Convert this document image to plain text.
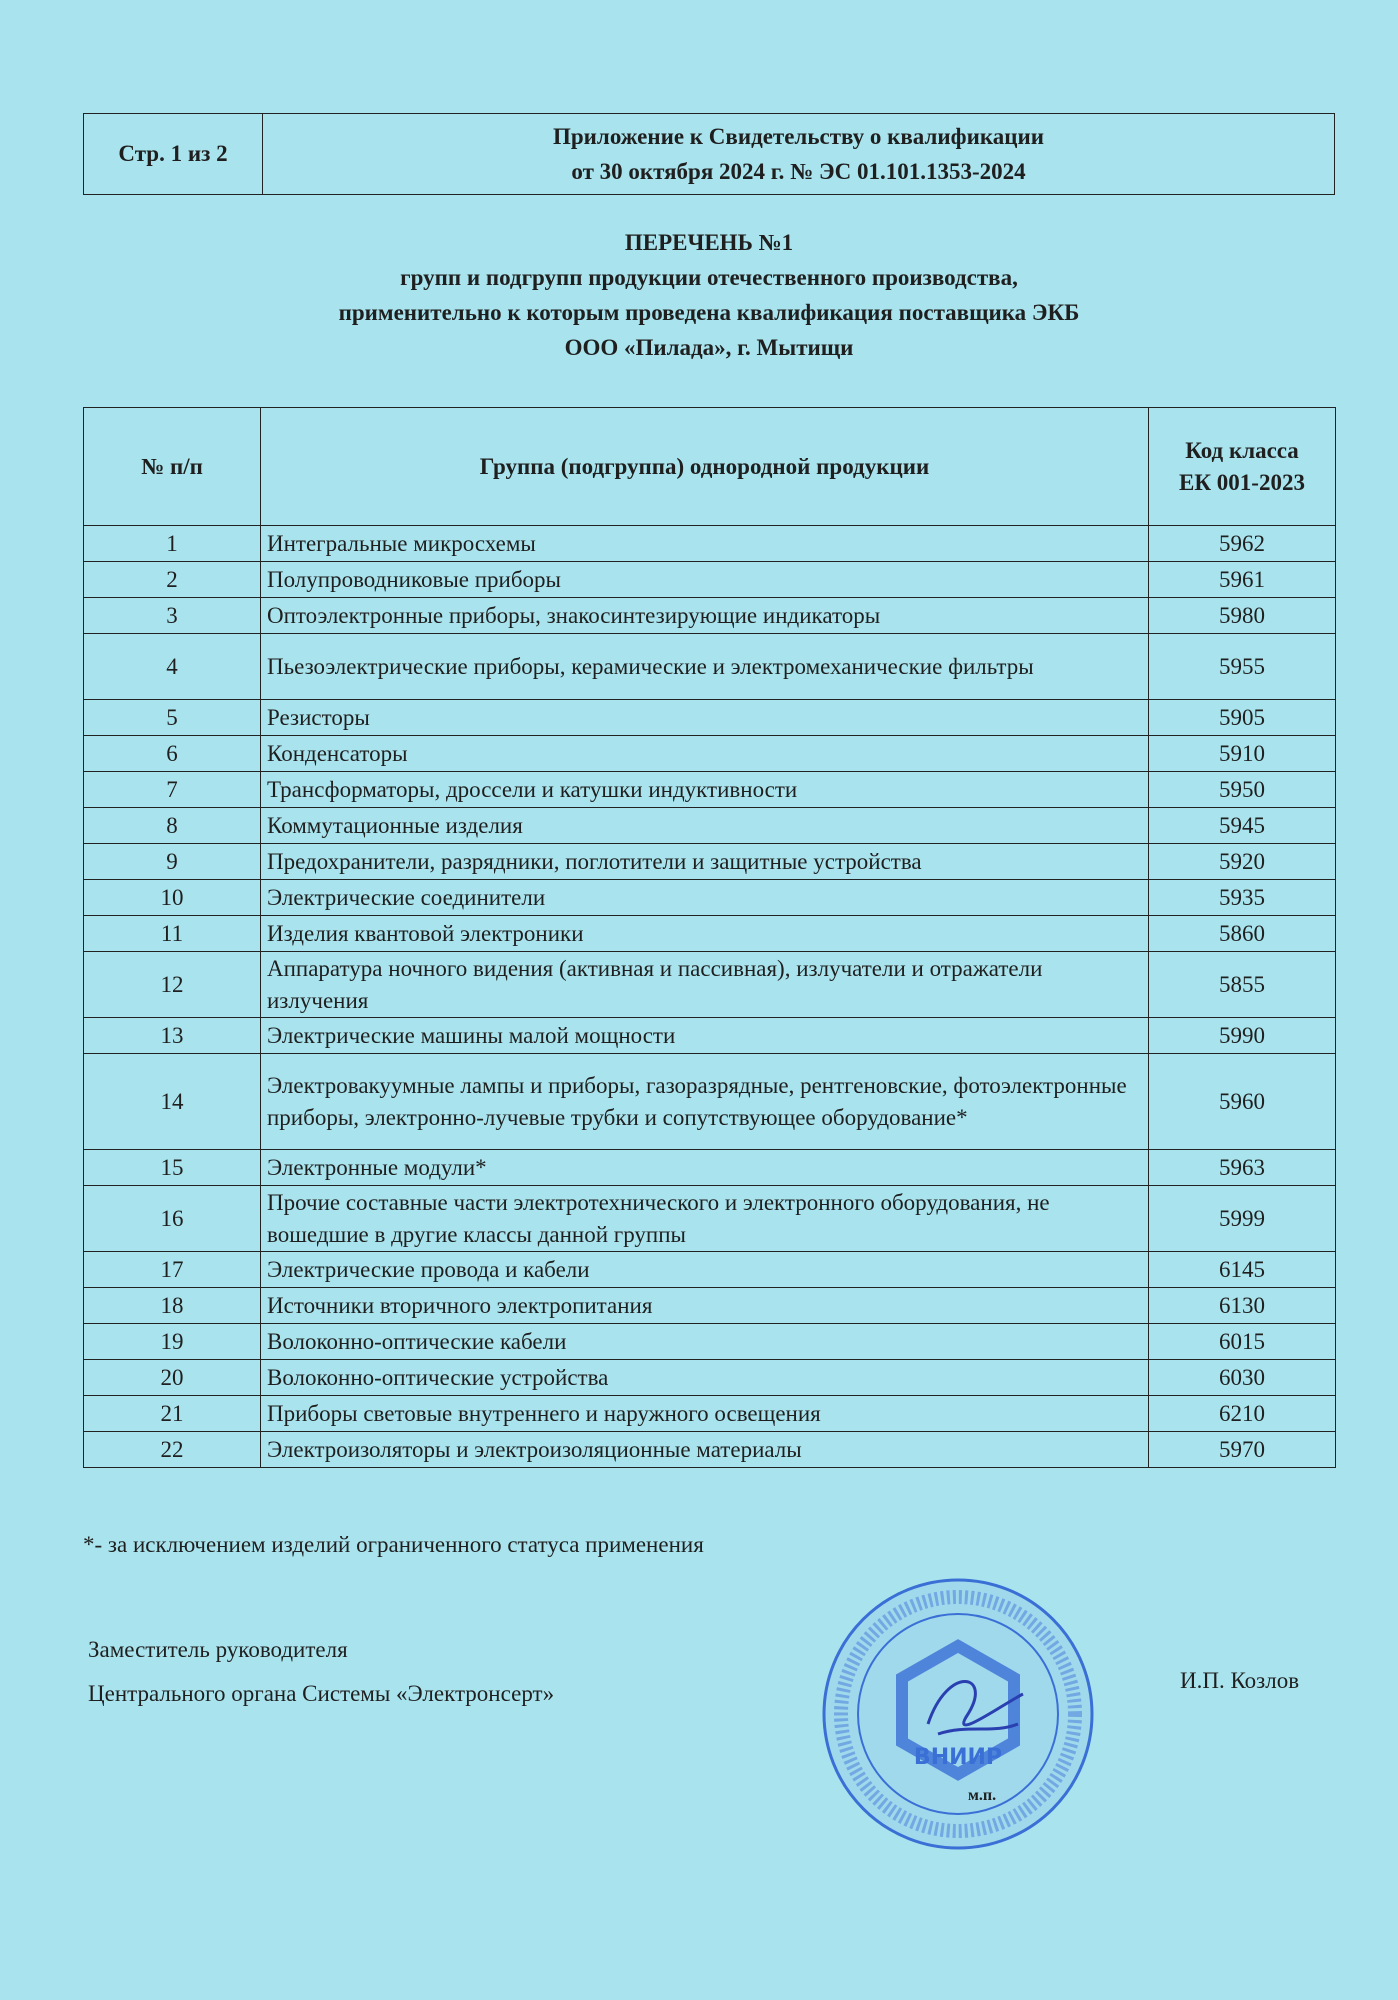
Стр. 1 из 2
Приложение к Свидетельству о квалификации
от 30 октября 2024 г. № ЭС 01.101.1353-2024
ПЕРЕЧЕНЬ №1
групп и подгрупп продукции отечественного производства,
применительно к которым проведена квалификация поставщика ЭКБ
ООО «Пилада», г. Мытищи
№ п/п	Группа (подгруппа) однородной продукции	Код класса
ЕК 001-2023

1	Интегральные микросхемы	5962
2	Полупроводниковые приборы	5961
3	Оптоэлектронные приборы, знакосинтезирующие индикаторы	5980
4	Пьезоэлектрические приборы, керамические и электромеханические фильтры	5955
5	Резисторы	5905
6	Конденсаторы	5910
7	Трансформаторы, дроссели и катушки индуктивности	5950
8	Коммутационные изделия	5945
9	Предохранители, разрядники, поглотители и защитные устройства	5920
10	Электрические соединители	5935
11	Изделия квантовой электроники	5860
12	Аппаратура ночного видения (активная и пассивная), излучатели и отражатели излучения	5855
13	Электрические машины малой мощности	5990
14	Электровакуумные лампы и приборы, газоразрядные, рентгеновские, фотоэлектронные приборы, электронно-лучевые трубки и сопутствующее оборудование*	5960
15	Электронные модули*	5963
16	Прочие составные части электротехнического и электронного оборудования, не вошедшие в другие классы данной группы	5999
17	Электрические провода и кабели	6145
18	Источники вторичного электропитания	6130
19	Волоконно-оптические кабели	6015
20	Волоконно-оптические устройства	6030
21	Приборы световые внутреннего и наружного освещения	6210
22	Электроизоляторы и электроизоляционные материалы	5970
*- за исключением изделий ограниченного статуса применения
Заместитель руководителя
Центрального органа Системы «Электронсерт»
И.П. Козлов
ВНИИР
м.п.
